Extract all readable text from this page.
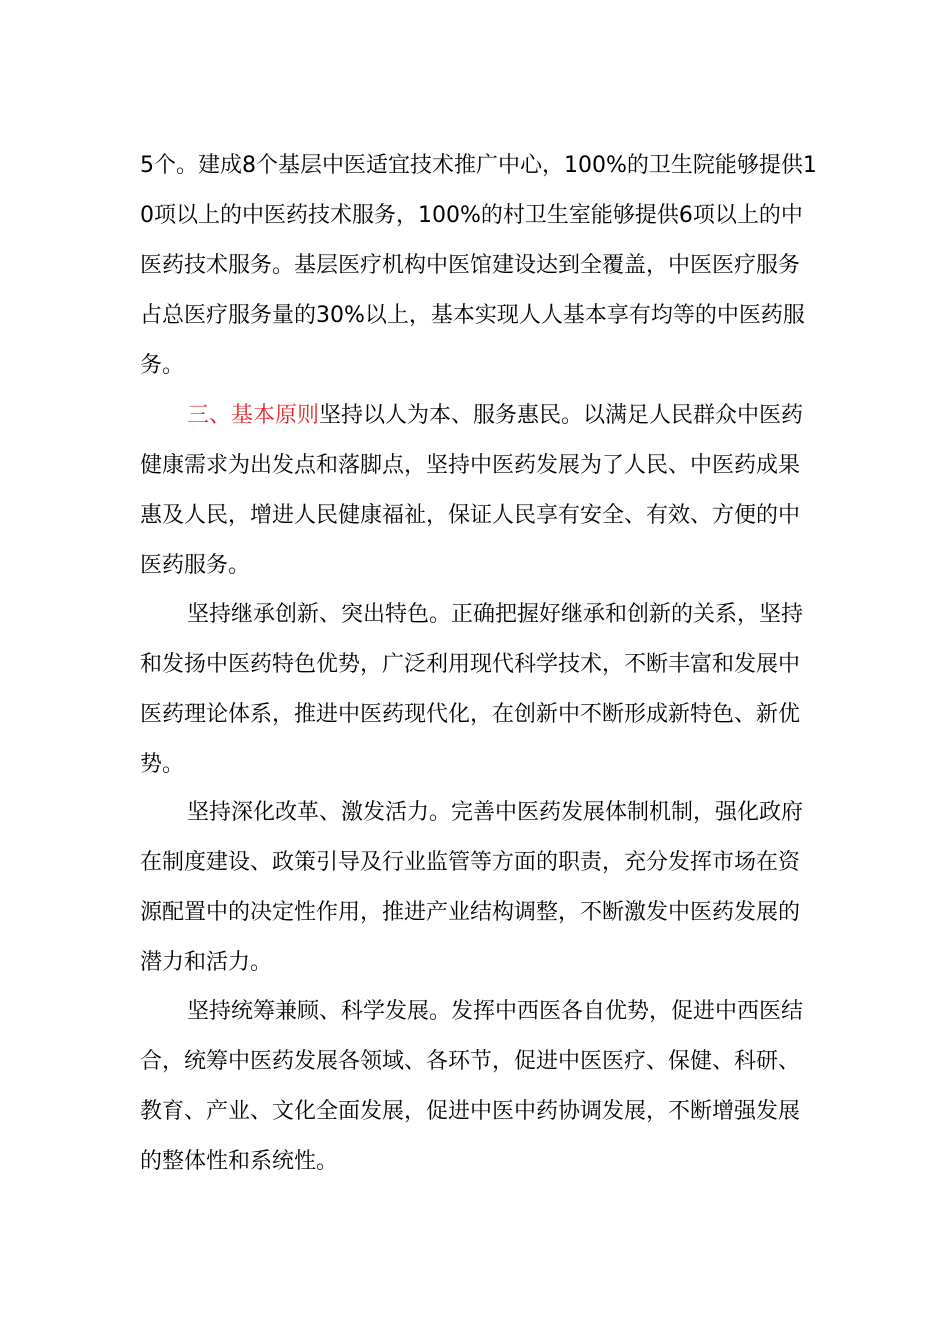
5个。建成8个基层中医适宜技术推广中心，100%的卫生院能够提供1

0项以上的中医药技术服务，100%的村卫生室能够提供6项以上的中

医药技术服务。基层医疗机构中医馆建设达到全覆盖，中医医疗服务

占总医疗服务量的30%以上，基本实现人人基本享有均等的中医药服

务。

三、基本原则坚持以人为本、服务惠民。以满足人民群众中医药

健康需求为出发点和落脚点，坚持中医药发展为了人民、中医药成果

惠及人民，增进人民健康福祉，保证人民享有安全、有效、方便的中

医药服务。

坚持继承创新、突出特色。正确把握好继承和创新的关系，坚持

和发扬中医药特色优势，广泛利用现代科学技术，不断丰富和发展中

医药理论体系，推进中医药现代化，在创新中不断形成新特色、新优

势。

坚持深化改革、激发活力。完善中医药发展体制机制，强化政府

在制度建设、政策引导及行业监管等方面的职责，充分发挥市场在资

源配置中的决定性作用，推进产业结构调整，不断激发中医药发展的

潜力和活力。

坚持统筹兼顾、科学发展。发挥中西医各自优势，促进中西医结

合，统筹中医药发展各领域、各环节，促进中医医疗、保健、科研、

教育、产业、文化全面发展，促进中医中药协调发展，不断增强发展

的整体性和系统性。
